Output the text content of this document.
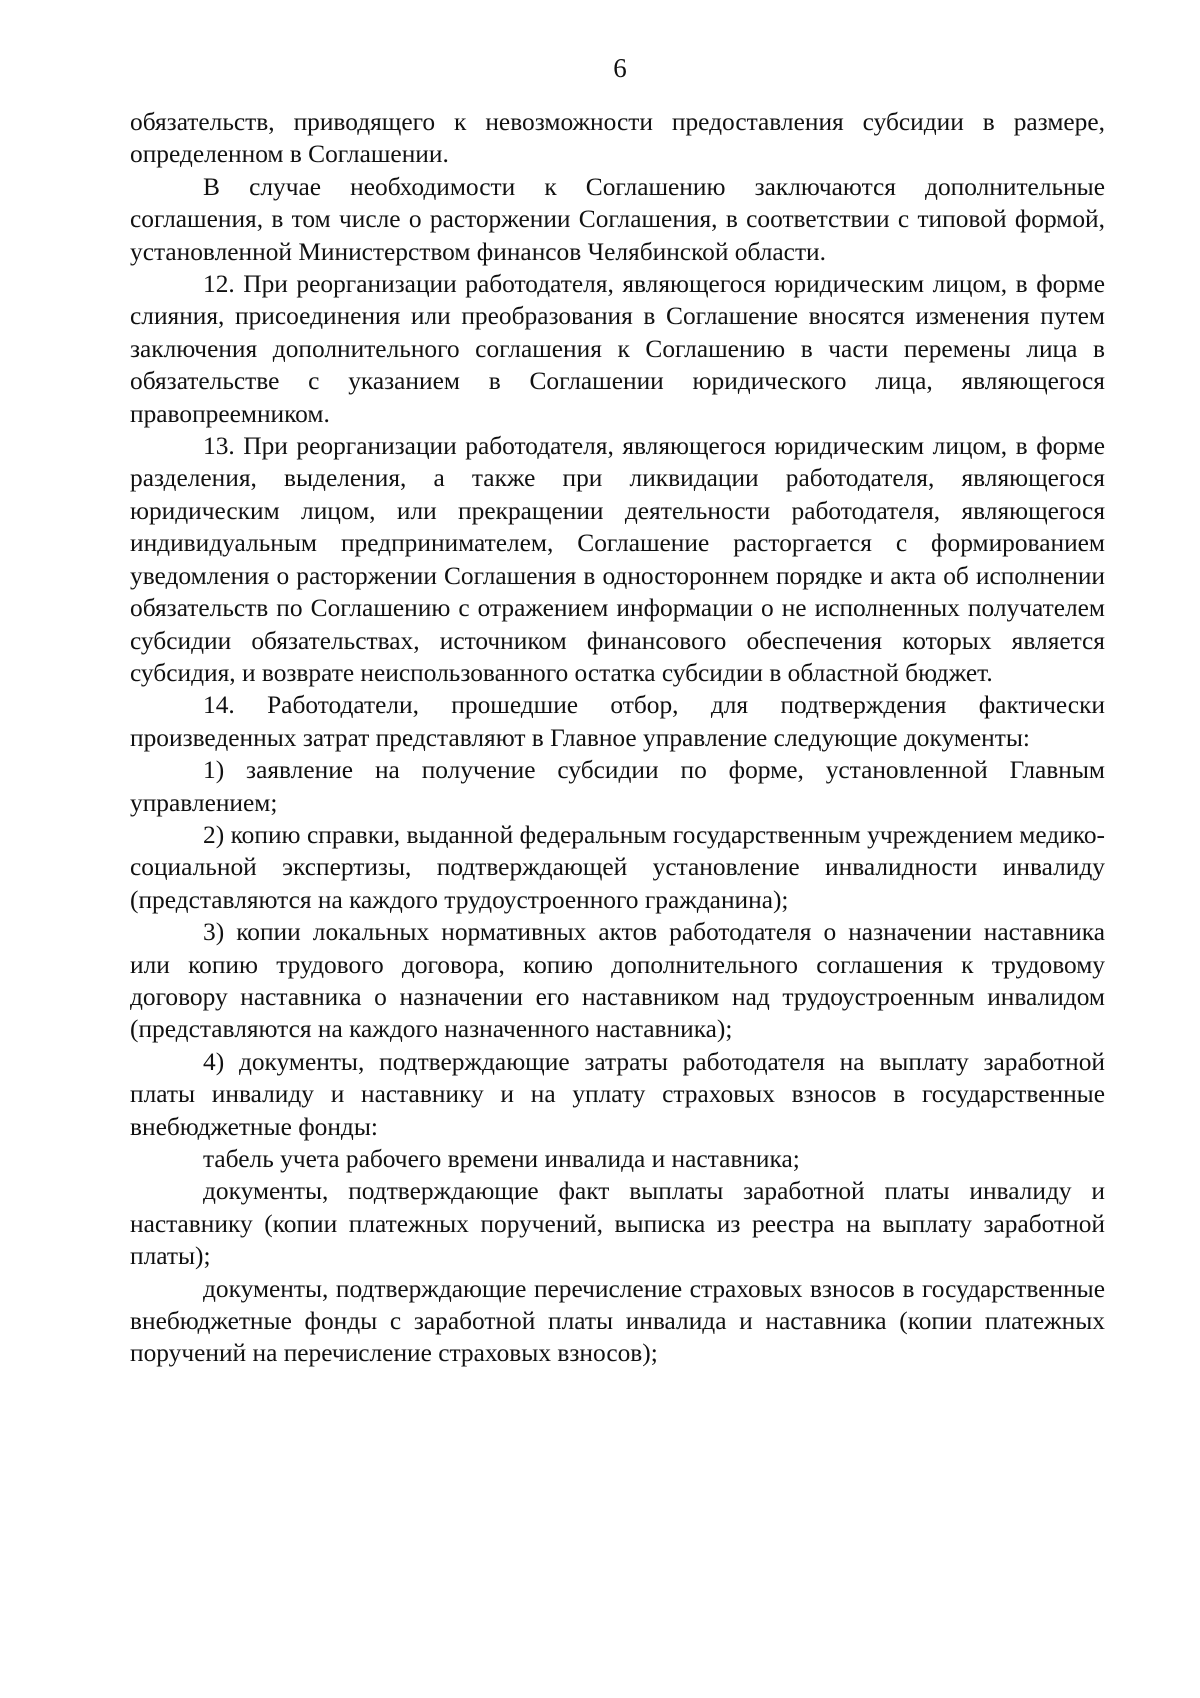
6

обязательств, приводящего к невозможности предоставления субсидии в размере, определенном в Соглашении.

В случае необходимости к Соглашению заключаются дополнительные соглашения, в том числе о расторжении Соглашения, в соответствии с типовой формой, установленной Министерством финансов Челябинской области.

12. При реорганизации работодателя, являющегося юридическим лицом, в форме слияния, присоединения или преобразования в Соглашение вносятся изменения путем заключения дополнительного соглашения к Соглашению в части перемены лица в обязательстве с указанием в Соглашении юридического лица, являющегося правопреемником.

13. При реорганизации работодателя, являющегося юридическим лицом, в форме разделения, выделения, а также при ликвидации работодателя, являющегося юридическим лицом, или прекращении деятельности работодателя, являющегося индивидуальным предпринимателем, Соглашение расторгается с формированием уведомления о расторжении Соглашения в одностороннем порядке и акта об исполнении обязательств по Соглашению с отражением информации о не исполненных получателем субсидии обязательствах, источником финансового обеспечения которых является субсидия, и возврате неиспользованного остатка субсидии в областной бюджет.

14. Работодатели, прошедшие отбор, для подтверждения фактически произведенных затрат представляют в Главное управление следующие документы:

1) заявление на получение субсидии по форме, установленной Главным управлением;

2) копию справки, выданной федеральным государственным учреждением медико-социальной экспертизы, подтверждающей установление инвалидности инвалиду (представляются на каждого трудоустроенного гражданина);

3) копии локальных нормативных актов работодателя о назначении наставника или копию трудового договора, копию дополнительного соглашения к трудовому договору наставника о назначении его наставником над трудоустроенным инвалидом (представляются на каждого назначенного наставника);

4) документы, подтверждающие затраты работодателя на выплату заработной платы инвалиду и наставнику и на уплату страховых взносов в государственные внебюджетные фонды:

табель учета рабочего времени инвалида и наставника;

документы, подтверждающие факт выплаты заработной платы инвалиду и наставнику (копии платежных поручений, выписка из реестра на выплату заработной платы);

документы, подтверждающие перечисление страховых взносов в государственные внебюджетные фонды с заработной платы инвалида и наставника (копии платежных поручений на перечисление страховых взносов);
